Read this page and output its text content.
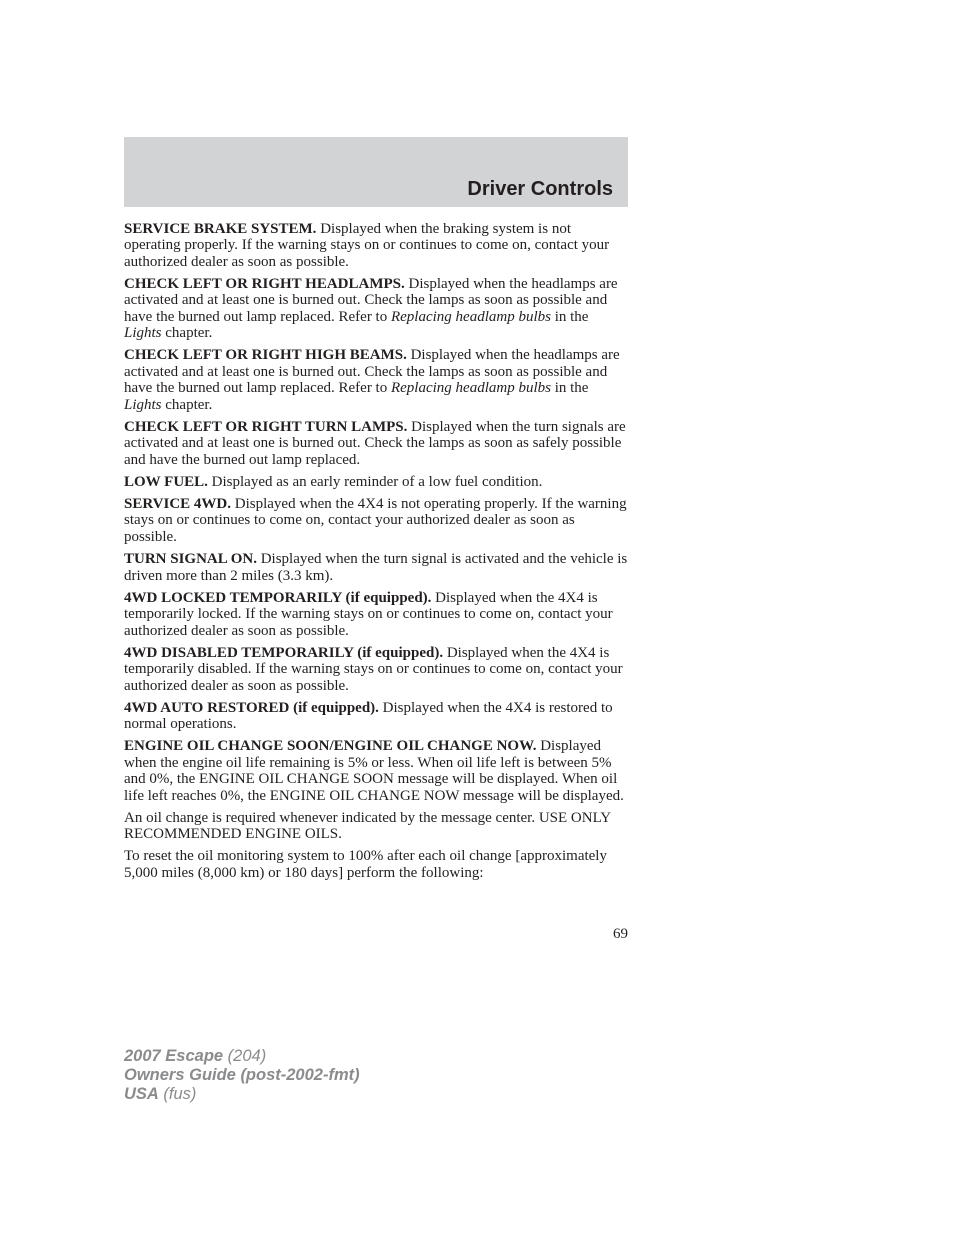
Driver Controls

SERVICE BRAKE SYSTEM. Displayed when the braking system is not operating properly. If the warning stays on or continues to come on, contact your authorized dealer as soon as possible.

CHECK LEFT OR RIGHT HEADLAMPS. Displayed when the headlamps are activated and at least one is burned out. Check the lamps as soon as possible and have the burned out lamp replaced. Refer to Replacing headlamp bulbs in the Lights chapter.

CHECK LEFT OR RIGHT HIGH BEAMS. Displayed when the headlamps are activated and at least one is burned out. Check the lamps as soon as possible and have the burned out lamp replaced. Refer to Replacing headlamp bulbs in the Lights chapter.

CHECK LEFT OR RIGHT TURN LAMPS. Displayed when the turn signals are activated and at least one is burned out. Check the lamps as soon as safely possible and have the burned out lamp replaced.

LOW FUEL. Displayed as an early reminder of a low fuel condition.

SERVICE 4WD. Displayed when the 4X4 is not operating properly. If the warning stays on or continues to come on, contact your authorized dealer as soon as possible.

TURN SIGNAL ON. Displayed when the turn signal is activated and the vehicle is driven more than 2 miles (3.3 km).

4WD LOCKED TEMPORARILY (if equipped). Displayed when the 4X4 is temporarily locked. If the warning stays on or continues to come on, contact your authorized dealer as soon as possible.

4WD DISABLED TEMPORARILY (if equipped). Displayed when the 4X4 is temporarily disabled. If the warning stays on or continues to come on, contact your authorized dealer as soon as possible.

4WD AUTO RESTORED (if equipped). Displayed when the 4X4 is restored to normal operations.

ENGINE OIL CHANGE SOON/ENGINE OIL CHANGE NOW. Displayed when the engine oil life remaining is 5% or less. When oil life left is between 5% and 0%, the ENGINE OIL CHANGE SOON message will be displayed. When oil life left reaches 0%, the ENGINE OIL CHANGE NOW message will be displayed.

An oil change is required whenever indicated by the message center. USE ONLY RECOMMENDED ENGINE OILS.

To reset the oil monitoring system to 100% after each oil change [approximately 5,000 miles (8,000 km) or 180 days] perform the following:

69
2007 Escape (204)
Owners Guide (post-2002-fmt)
USA (fus)
